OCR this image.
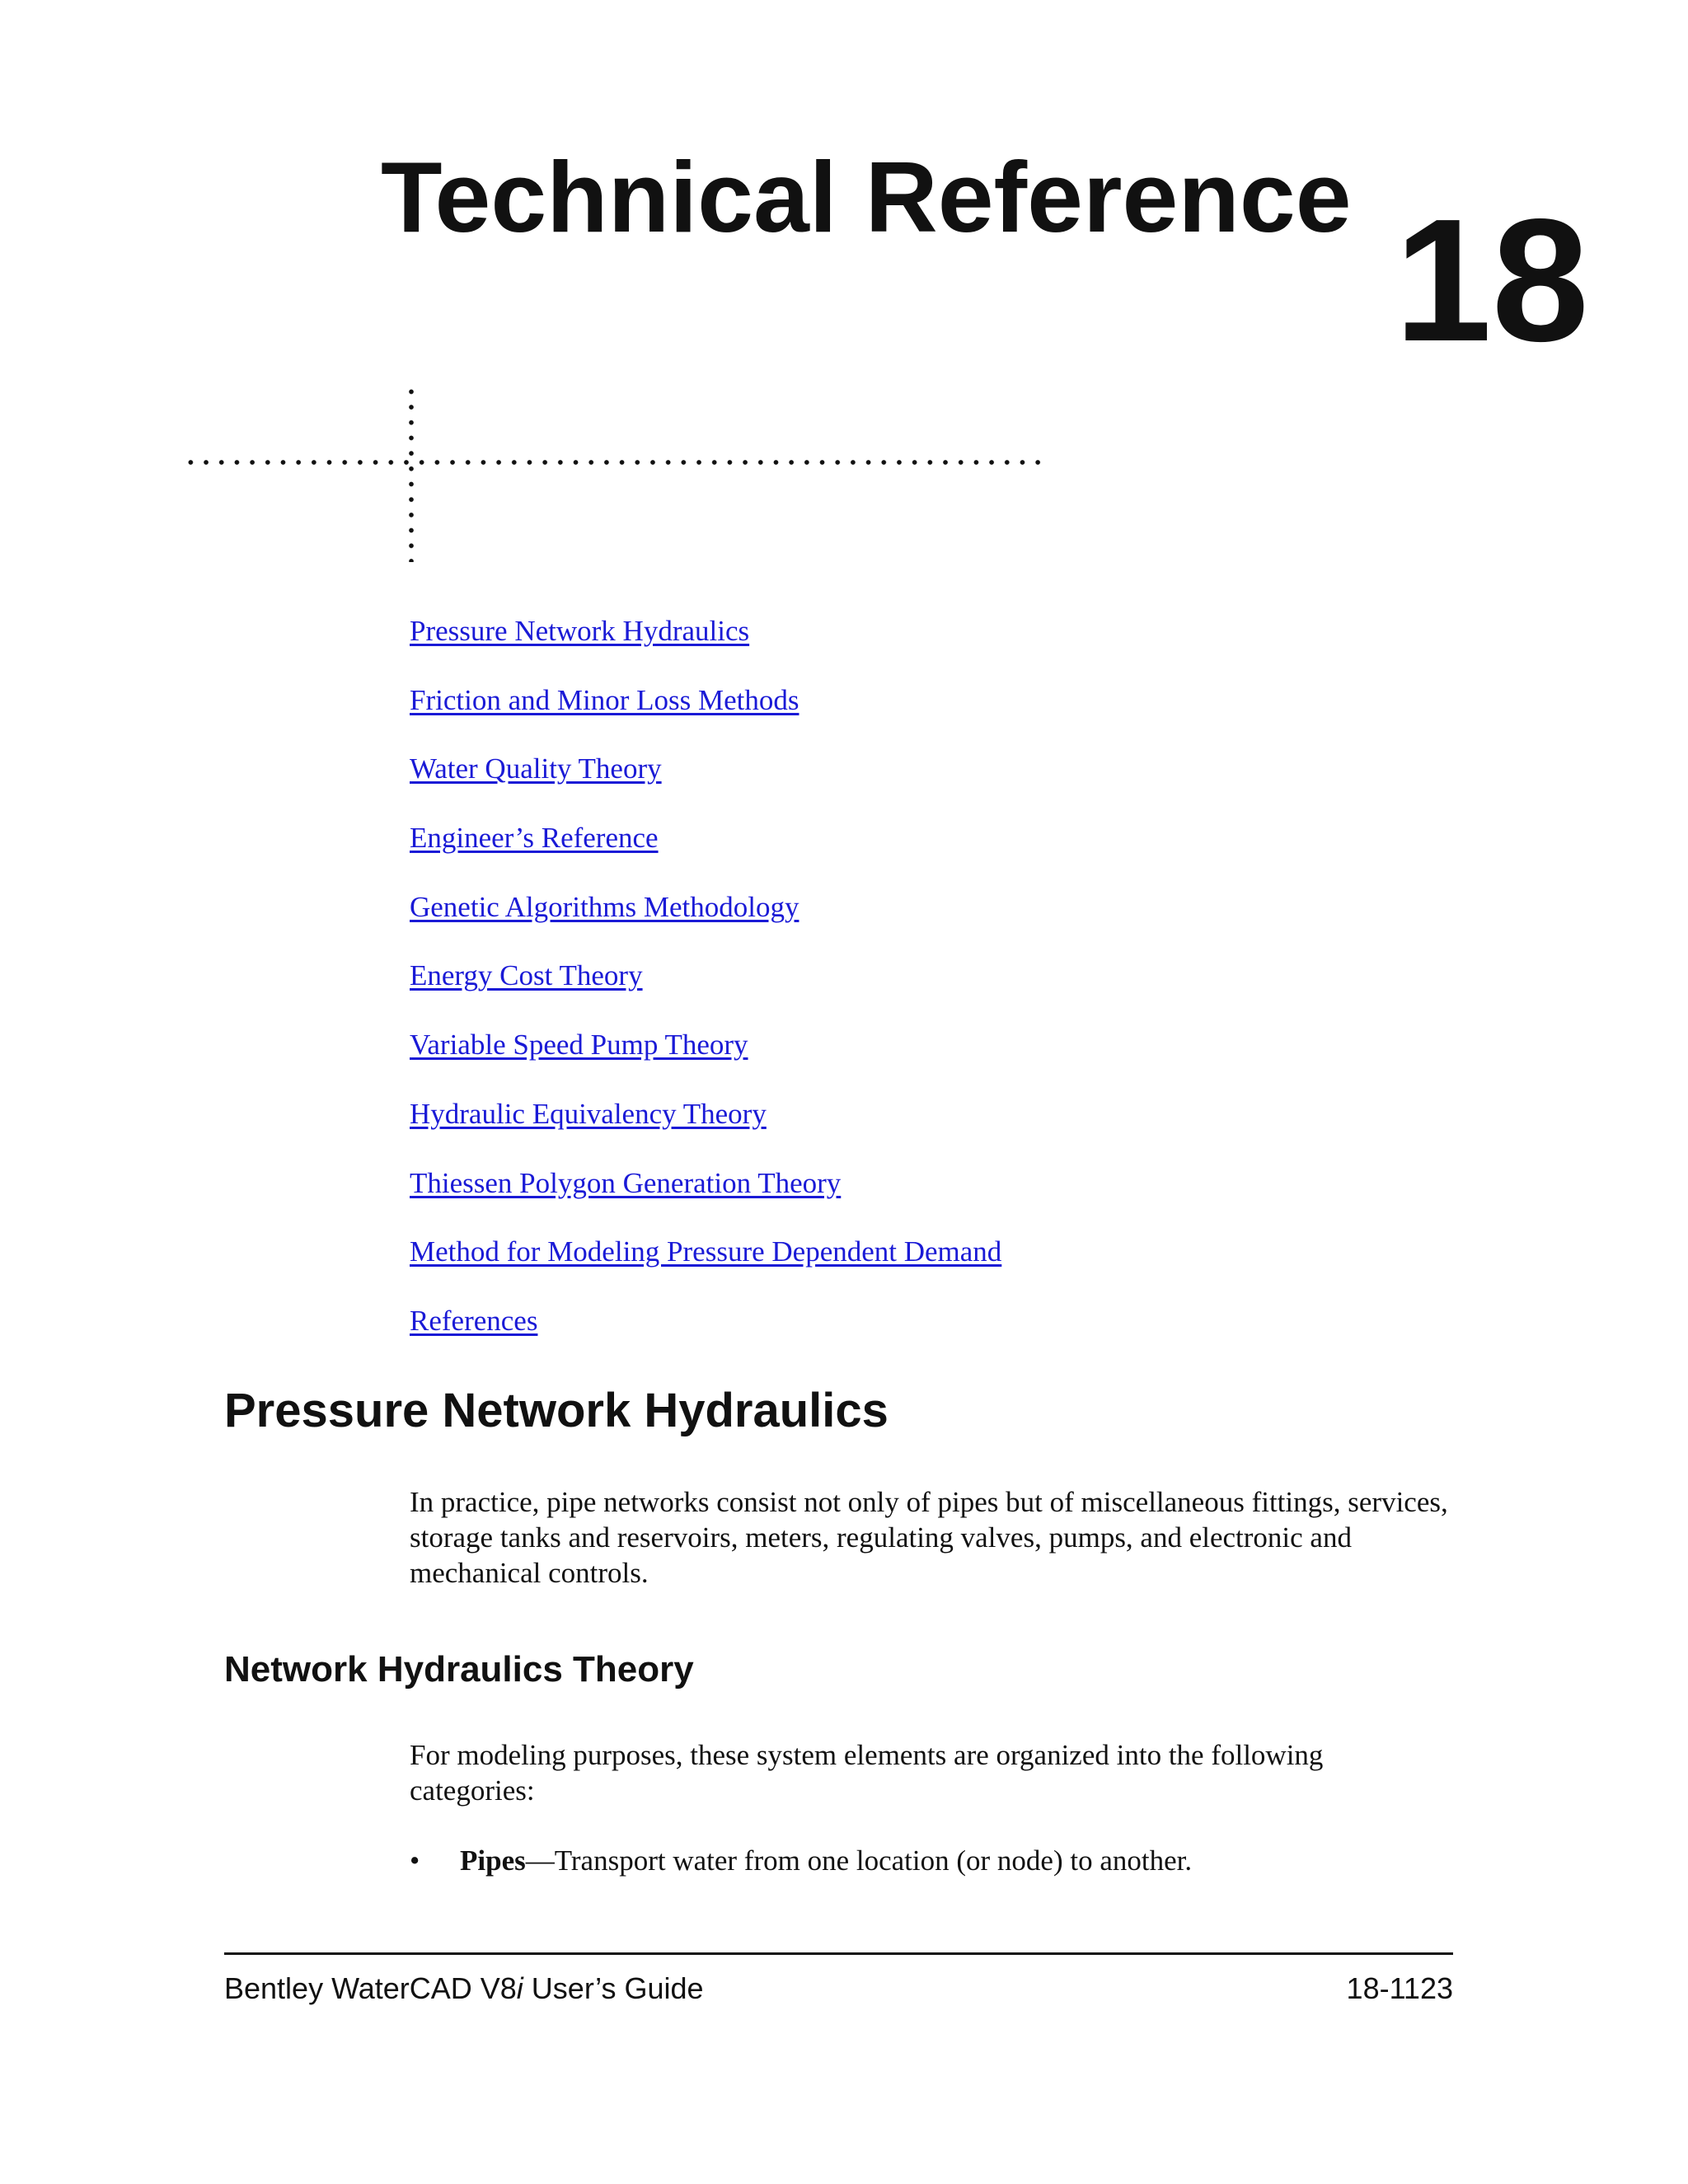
Technical Reference 18
Pressure Network Hydraulics
Friction and Minor Loss Methods
Water Quality Theory
Engineer’s Reference
Genetic Algorithms Methodology
Energy Cost Theory
Variable Speed Pump Theory
Hydraulic Equivalency Theory
Thiessen Polygon Generation Theory
Method for Modeling Pressure Dependent Demand
References
Pressure Network Hydraulics

In practice, pipe networks consist not only of pipes but of miscellaneous fittings, services, storage tanks and reservoirs, meters, regulating valves, pumps, and electronic and mechanical controls.

Network Hydraulics Theory

For modeling purposes, these system elements are organized into the following categories:

• Pipes—Transport water from one location (or node) to another.
Bentley WaterCAD V8i User’s Guide	18-1123
